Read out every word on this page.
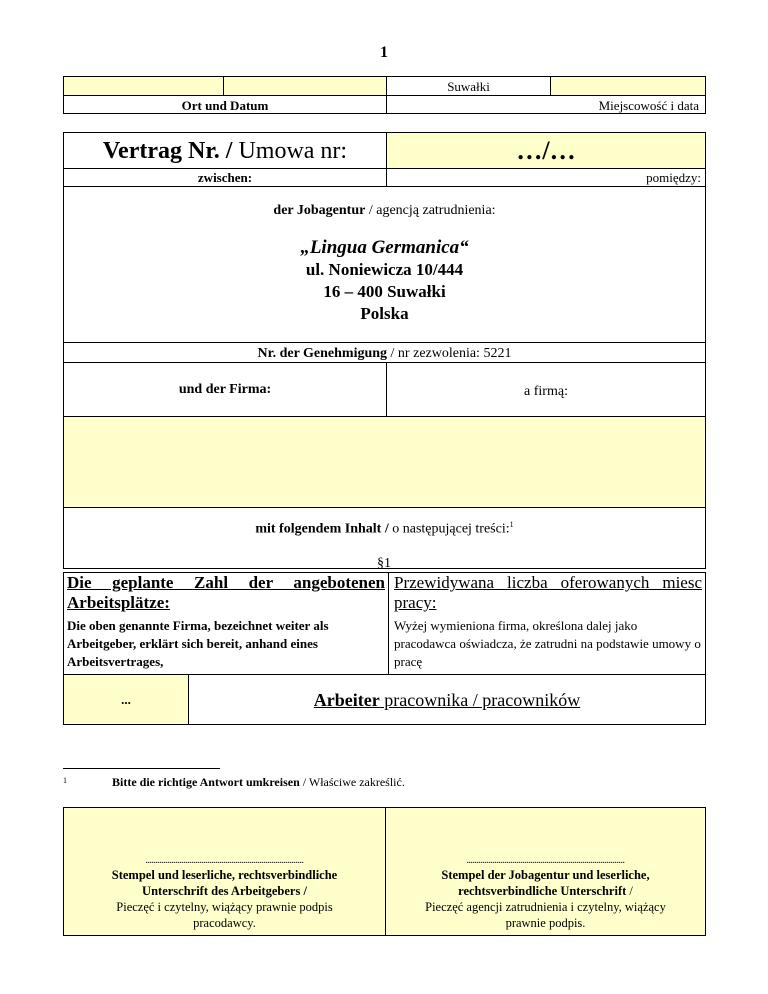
1
Suwałki
Ort und Datum	Miejscowość i data
Vertrag Nr. / Umowa nr:	…/…
zwischen:	pomiędzy:
der Jobagentur / agencją zatrudnienia:
„Lingua Germanica“
ul. Noniewicza 10/444
16 – 400 Suwałki
Polska
Nr. der Genehmigung / nr zezwolenia: 5221
und der Firma:	a firmą:
mit folgendem Inhalt / o następującej treści:$^1$
§1
Die geplante Zahl der angebotenen Arbeitsplätze:
Przewidywana liczba oferowanych miesc pracy:
Die oben genannte Firma, bezeichnet weiter als Arbeitgeber, erklärt sich bereit, anhand eines Arbeitsvertrages,
Wyżej wymieniona firma, określona dalej jako pracodawca oświadcza, że zatrudni na podstawie umowy o pracę
...	Arbeiter pracownika / pracowników
1	Bitte die richtige Antwort umkreisen / Właściwe zakreślić.
...............................................................................
Stempel und leserliche, rechtsverbindliche
Unterschrift des Arbeitgebers /
Pieczęć i czytelny, wiążący prawnie podpis
pracodawcy.
...............................................................................
Stempel der Jobagentur und leserliche,
rechtsverbindliche Unterschrift /
Pieczęć agencji zatrudnienia i czytelny, wiążący
prawnie podpis.
